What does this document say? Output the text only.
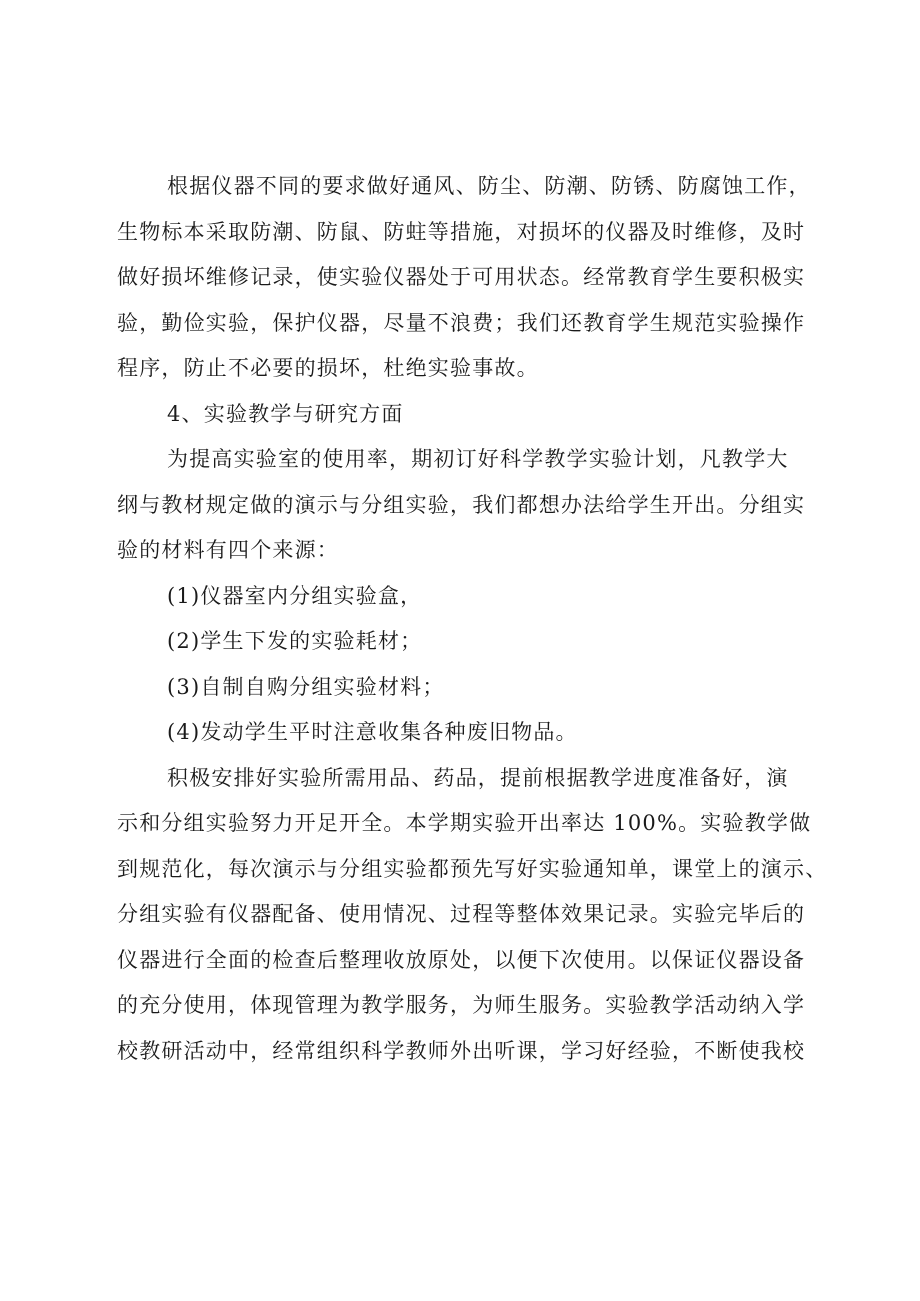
根据仪器不同的要求做好通风、防尘、防潮、防锈、防腐蚀工作，
生物标本采取防潮、防鼠、防蛀等措施，对损坏的仪器及时维修，及时
做好损坏维修记录，使实验仪器处于可用状态。经常教育学生要积极实
验，勤俭实验，保护仪器，尽量不浪费；我们还教育学生规范实验操作
程序，防止不必要的损坏，杜绝实验事故。
4、实验教学与研究方面
为提高实验室的使用率，期初订好科学教学实验计划，凡教学大
纲与教材规定做的演示与分组实验，我们都想办法给学生开出。分组实
验的材料有四个来源：
(1)仪器室内分组实验盒，
(2)学生下发的实验耗材；
(3)自制自购分组实验材料；
(4)发动学生平时注意收集各种废旧物品。
积极安排好实验所需用品、药品，提前根据教学进度准备好，演
示和分组实验努力开足开全。本学期实验开出率达 100%。实验教学做
到规范化，每次演示与分组实验都预先写好实验通知单，课堂上的演示、
分组实验有仪器配备、使用情况、过程等整体效果记录。实验完毕后的
仪器进行全面的检查后整理收放原处，以便下次使用。以保证仪器设备
的充分使用，体现管理为教学服务，为师生服务。实验教学活动纳入学
校教研活动中，经常组织科学教师外出听课，学习好经验，不断使我校
